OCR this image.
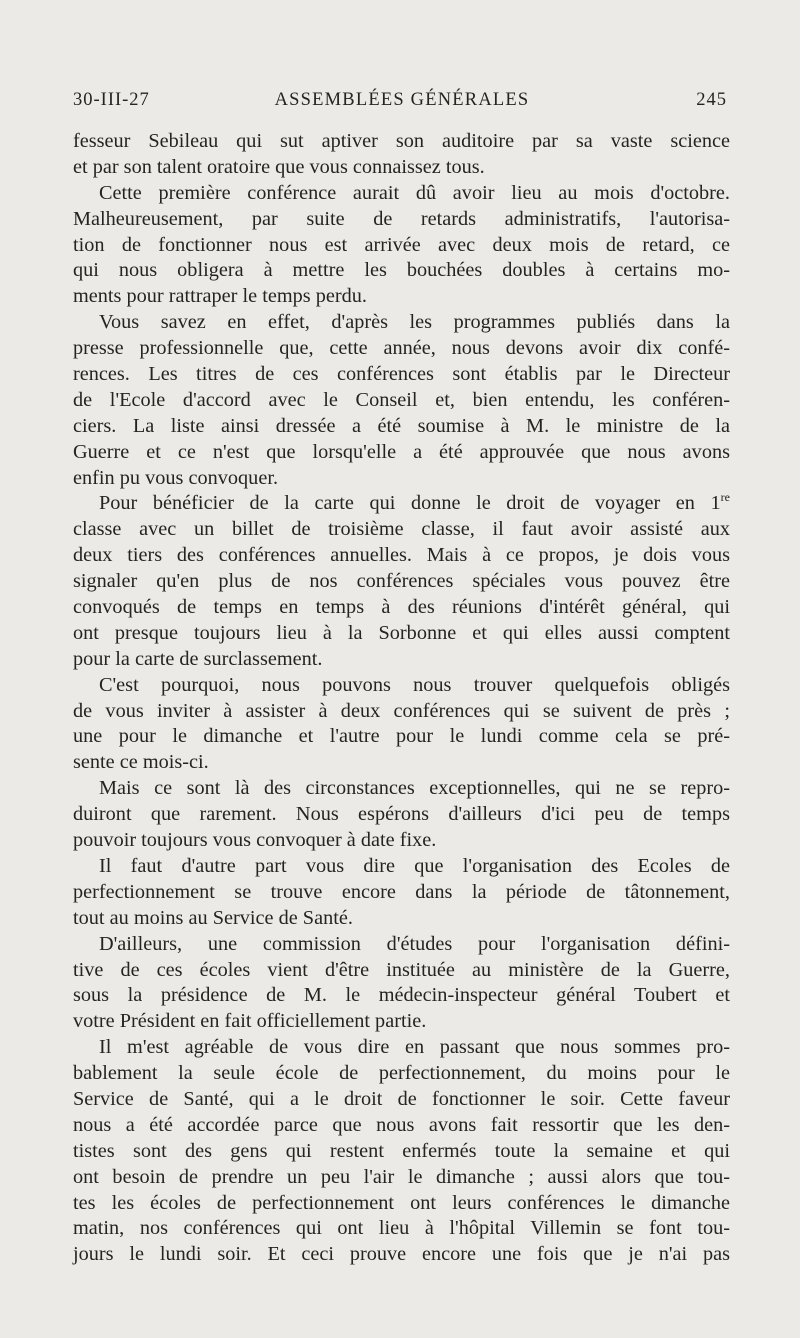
30-III-27	ASSEMBLÉES GÉNÉRALES	245
fesseur Sebileau qui sut aptiver son auditoire par sa vaste science
et par son talent oratoire que vous connaissez tous.
Cette première conférence aurait dû avoir lieu au mois d'octobre.
Malheureusement, par suite de retards administratifs, l'autorisa-
tion de fonctionner nous est arrivée avec deux mois de retard, ce
qui nous obligera à mettre les bouchées doubles à certains mo-
ments pour rattraper le temps perdu.
Vous savez en effet, d'après les programmes publiés dans la
presse professionnelle que, cette année, nous devons avoir dix confé-
rences. Les titres de ces conférences sont établis par le Directeur
de l'Ecole d'accord avec le Conseil et, bien entendu, les conféren-
ciers. La liste ainsi dressée a été soumise à M. le ministre de la
Guerre et ce n'est que lorsqu'elle a été approuvée que nous avons
enfin pu vous convoquer.
Pour bénéficier de la carte qui donne le droit de voyager en 1re
classe avec un billet de troisième classe, il faut avoir assisté aux
deux tiers des conférences annuelles. Mais à ce propos, je dois vous
signaler qu'en plus de nos conférences spéciales vous pouvez être
convoqués de temps en temps à des réunions d'intérêt général, qui
ont presque toujours lieu à la Sorbonne et qui elles aussi comptent
pour la carte de surclassement.
C'est pourquoi, nous pouvons nous trouver quelquefois obligés
de vous inviter à assister à deux conférences qui se suivent de près ;
une pour le dimanche et l'autre pour le lundi comme cela se pré-
sente ce mois-ci.
Mais ce sont là des circonstances exceptionnelles, qui ne se repro-
duiront que rarement. Nous espérons d'ailleurs d'ici peu de temps
pouvoir toujours vous convoquer à date fixe.
Il faut d'autre part vous dire que l'organisation des Ecoles de
perfectionnement se trouve encore dans la période de tâtonnement,
tout au moins au Service de Santé.
D'ailleurs, une commission d'études pour l'organisation défini-
tive de ces écoles vient d'être instituée au ministère de la Guerre,
sous la présidence de M. le médecin-inspecteur général Toubert et
votre Président en fait officiellement partie.
Il m'est agréable de vous dire en passant que nous sommes pro-
bablement la seule école de perfectionnement, du moins pour le
Service de Santé, qui a le droit de fonctionner le soir. Cette faveur
nous a été accordée parce que nous avons fait ressortir que les den-
tistes sont des gens qui restent enfermés toute la semaine et qui
ont besoin de prendre un peu l'air le dimanche ; aussi alors que tou-
tes les écoles de perfectionnement ont leurs conférences le dimanche
matin, nos conférences qui ont lieu à l'hôpital Villemin se font tou-
jours le lundi soir. Et ceci prouve encore une fois que je n'ai pas
